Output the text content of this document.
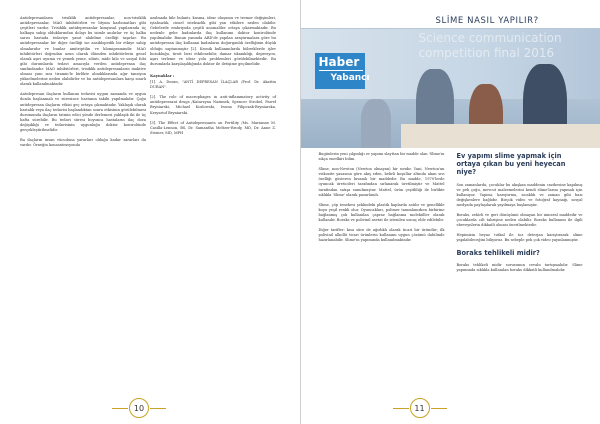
Antidepresanların trisiklik antidepresanlar, non-trisiklik antidepresanlar, MAO inhibitörleri ve lityum karbonatları gibi çeşitleri vardır. Trisiklik antidepresanlar kimyasal yapılarında üç halkaya sahip olduklarından dolayı bu isimle anılırlar ve üç halka sarısı hastada tedaviye yanıt alabilme özelliği taşırlar. Bu antidepresanlar bir diğer özelliği ise ansiklopedik bir etkiye sahip olmalarıdır ve bunlar amitriptilin ve klomipramindir. MAO inhibitörleri doğrudan uzun olarak ölümden inhibitörlerin genel olarak aşırı uyuma ve yemek yeme, silinti, mide kilo ve sosyal fobi gibi durumlarda tedavi amacıyla verilen antidepresan ilaç sınıfındandır. MAO inhibitörleri, trisiklik antidepresanların inaktive olması yanı sıra tiramin'le birlikte alındıklarında ağır tansiyon yükselmelerine neden olabilirler ve bu antidepresanlara karşı sınırlı olarak kullanılmaktadır.

Antidepresan ilaçların kullanım tedavisi uygun zamanda ve uygun dozda başlanmalı ve süresince hastanın takibi yapılmalıdır. Çoğu antidepresan ilaçların etkisi geç ortaya çıkmaktadır. Yaklaşık olarak hastalık veya ilaç tedavisi başlandıktan sonra etkisinin görülebilmesi durumunda ilaçların tatmin edici yönde ilerlemesi yaklaşık iki ile üç hafta sürebilir. Bu tedavi süresi boyunca hastaların ilaç dozu değişikliği ve tedavisinin uygunluğu doktor kontrolünde gerçekleştirilmelidir.

Bu ilaçların insan vücuduna yararları olduğu kadar zararları da vardır. Örneğin konsantrasyonda

azalmada bile bulantı, kusma, idrar oluşumu ve tremor değişimleri, iştahsızlık, cinsel isteksizlik gibi yan etkilere neden olabilir. Gebelerde embriyoda çeşitli anomaliler ortaya çıkarmaktadır. Bu nedenle gebe kadınlarda ilaç kullanımı doktor kontrolünde yapılmalıdır. Bunun yanında ABD'de yapılan araştırmalara göre bu antidepresan ilaç kullanan kadınların doğurganlık özelliğinin düşük olduğu saptanmıştır [2]. Kronik kullanımlarda böbreklerde işlev bozukluğu, tiroit bezi etkilenebilir, damar tıkanıklığı, depresyon, aşırı terleme ve idrar yolu problemleri görülebilmektedir. Bu durumlarla karşılaşıldığında doktor ile iletişime geçilmelidir.

Kaynaklar :

[1]. A. Duran, "ANTİ DEPRESAN İLAÇLAR /Prof. Dr. Akattin DURAN".

[2]. The role of macrophages in anti-inflammatory activity of antidepressant drugs /Katarzyna Nazimek, Spencer Strobel, Paweł Bryniarski, Michael Kozlowski, Iwona Filipczak-Bryniarska, Krzysztof Bryniarski.

[3]. The Effect of Antidepressants on Fertility /Ms. Marianne M. Casilla-Lennon, BS, Dr. Samantha Meltzer-Brody, MD, Dr. Anne Z. Steiner, MD, MPH

10
SLİME NASIL YAPILIR?
Science communication
competition final 2016
Haber
Yabancı

Bugünlerin yeni çılgınlığı ev yapımı slayttan bir madde olan 'Slime'ın sıkça enedkiri bilim.

Slime, non-Newton (Newton olmayan) bir sıvıdır. Yani, Newton'un viskozite yasasına göre akış eden, belirli koşullar altında akan sıvı özelliği gösteren kıvamlı bir maddedir. Bu madde, 1970'lerde oyuncak üreticileri tarafından sırlanarak üretilmiştir ve Mattel tarafından satışa sunulmuştur. Mattel, ürün çeşitliliği ile birlikte sıklıkla 'Slime' olarak pazarlandı.

Slime, çöp tenekesi şeklindeki plastik kaplarda satılır ve genellikle koyu yeşil renkli olur. Oyuncakları, polimer tanımlanırken birbirine bağlanmış çok kullanılan çapraz bağlanma moleküller olarak kullanılır. Boraks ve polivinil asetat ile istenilen sonuç elde edilebilir.

Diğer tarifler: kısa süre de ağırlıklı olarak ticari bir üründür; ilk polivinil alkollü ticari ürünlerin kullanımı uygun çözümü dahilinde hazırlanabilir. Slime'ın yapımında kullanılmaktadır.

Ev yapımı slime yapmak için ortaya çıkan bu yeni heyecan niye?

Son zamanlarda, çocuklar bu akışkan maddenin cazibesine kapılmış ve pek çoğu, mevcut malzemelerini kendi slime'larını yapmak için kullanıyor. Yapımı, karıştırma, sıcaklık ve zaman gibi bazı değişkenlere bağlıdır. Birçok video ve fotoğraf kaynağı, sosyal medyada paylaşılarak yayılmaya başlamıştır.

Boraks, zehirli ve geri dönüşümü olmayan bir mineral maddedir ve çocuklarda cilt tahrişine neden olabilir. Boraks kullanımı ile ilgili ebeveynlerin dikkatli olması önerilmektedir.

Hepimizin beyaz tutkal ile toz deterjan karıştırarak slime yapılabileceğini biliyoruz. Bu sebeple pek çok video yayınlanmıştır.

Boraks tehlikeli midir?

Boraks tehlikeli midir sorusunun cevabı tartışmalıdır. Slime yapımında sıklıkla kullanılan boraks dikkatli kullanılmalıdır.

11
